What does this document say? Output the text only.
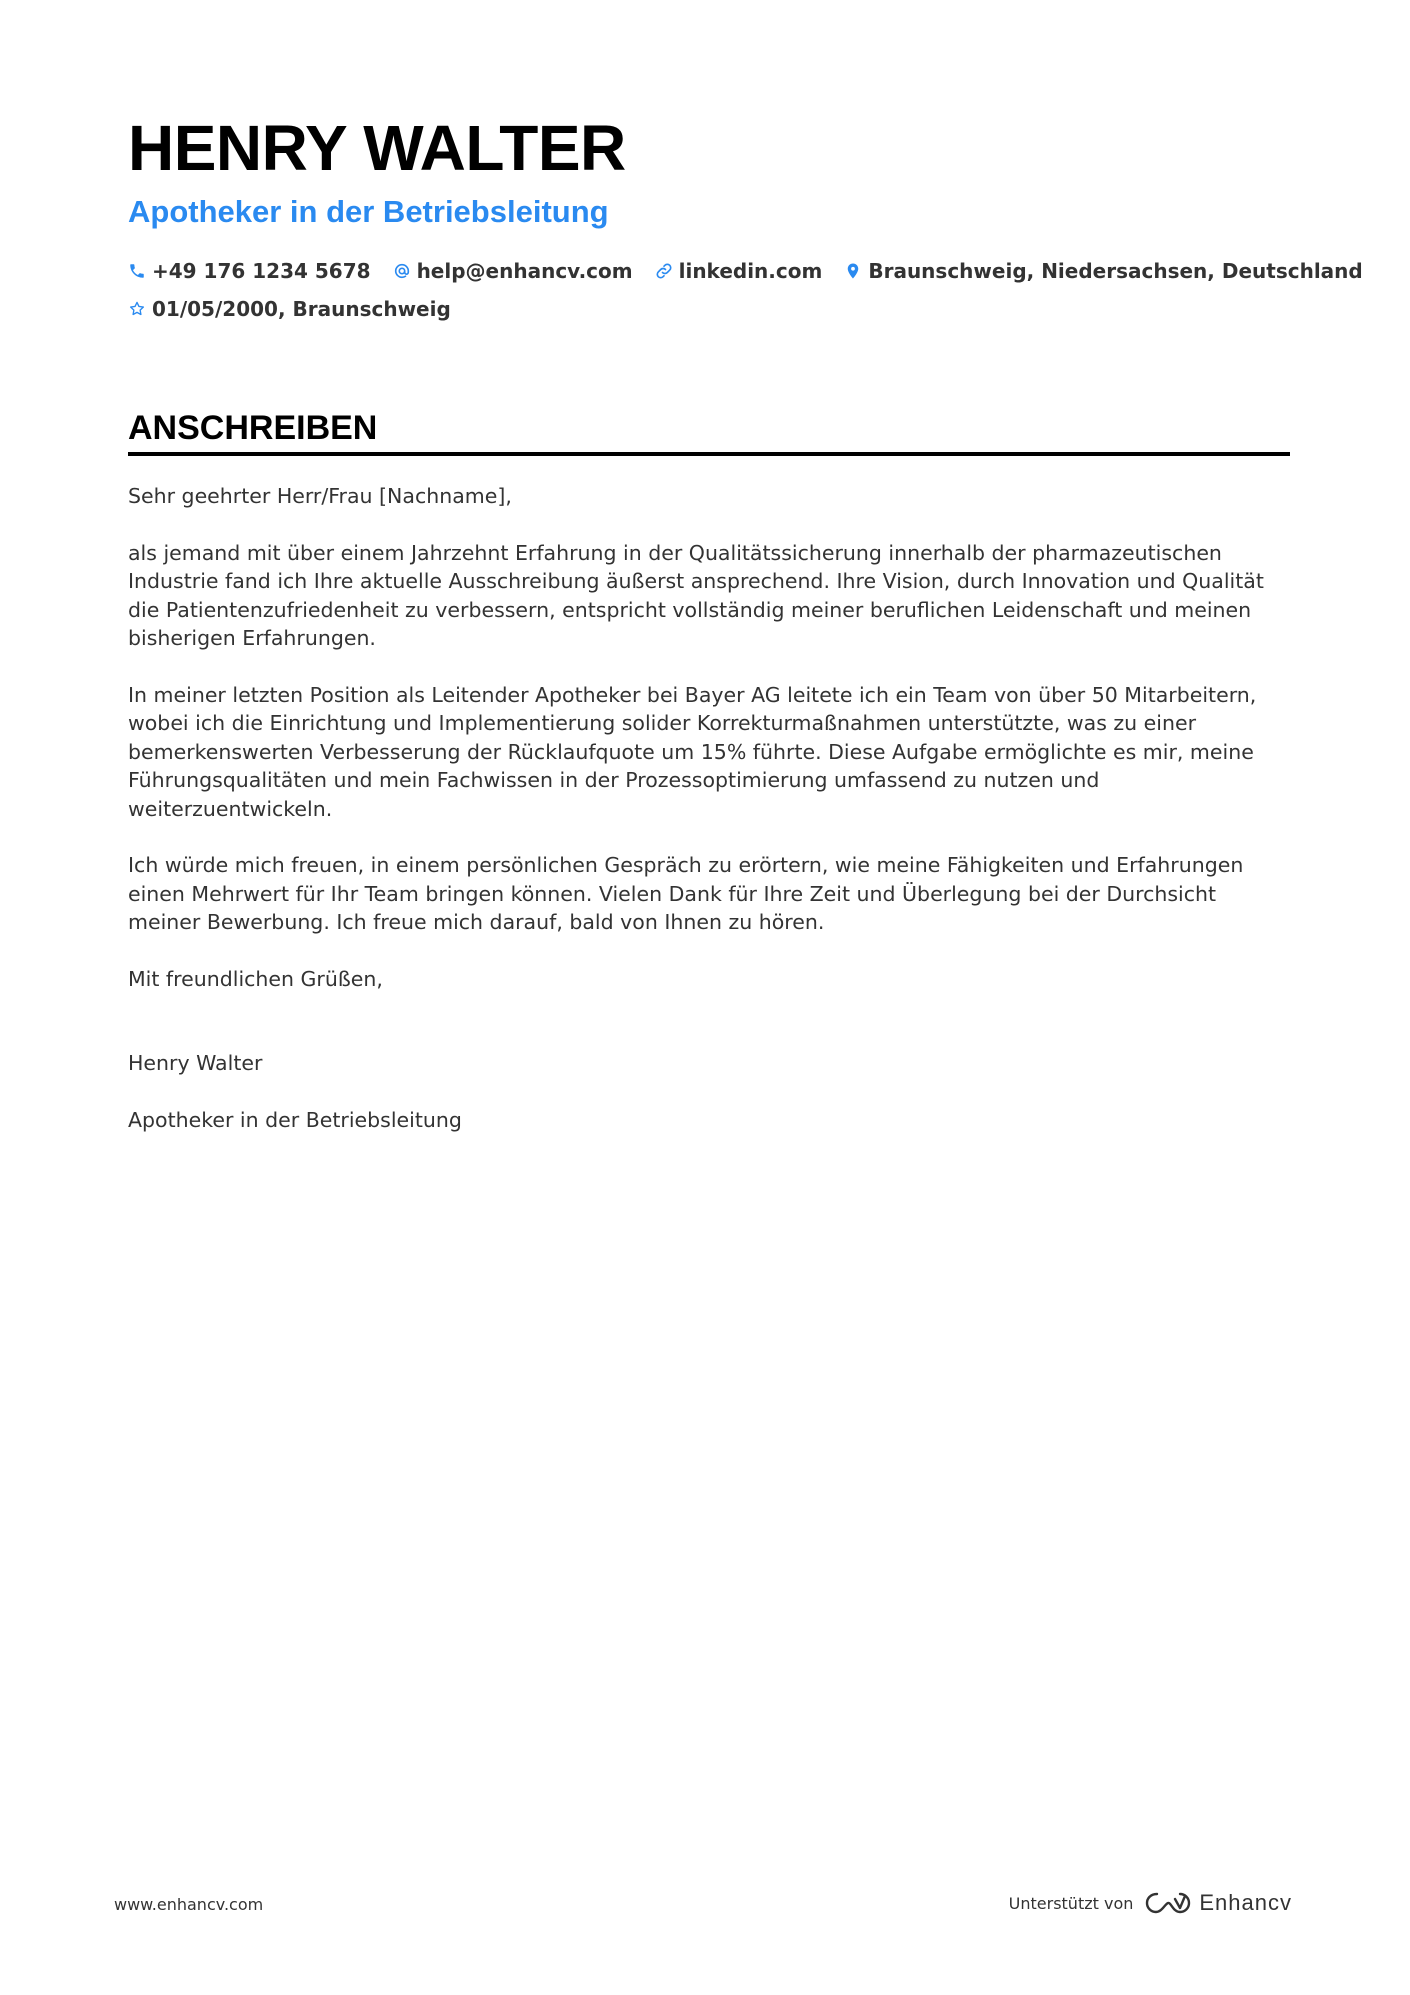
HENRY WALTER
Apotheker in der Betriebsleitung
+49 176 1234 5678 help@enhancv.com linkedin.com Braunschweig, Niedersachsen, Deutschland
01/05/2000, Braunschweig
ANSCHREIBEN

Sehr geehrter Herr/Frau [Nachname],

als jemand mit über einem Jahrzehnt Erfahrung in der Qualitätssicherung innerhalb der pharmazeutischen Industrie fand ich Ihre aktuelle Ausschreibung äußerst ansprechend. Ihre Vision, durch Innovation und Qualität die Patientenzufriedenheit zu verbessern, entspricht vollständig meiner beruflichen Leidenschaft und meinen bisherigen Erfahrungen.

In meiner letzten Position als Leitender Apotheker bei Bayer AG leitete ich ein Team von über 50 Mitarbeitern, wobei ich die Einrichtung und Implementierung solider Korrekturmaßnahmen unterstützte, was zu einer bemerkenswerten Verbesserung der Rücklaufquote um 15% führte. Diese Aufgabe ermöglichte es mir, meine Führungsqualitäten und mein Fachwissen in der Prozessoptimierung umfassend zu nutzen und weiterzuentwickeln.

Ich würde mich freuen, in einem persönlichen Gespräch zu erörtern, wie meine Fähigkeiten und Erfahrungen einen Mehrwert für Ihr Team bringen können. Vielen Dank für Ihre Zeit und Überlegung bei der Durchsicht meiner Bewerbung. Ich freue mich darauf, bald von Ihnen zu hören.

Mit freundlichen Grüßen,

Henry Walter

Apotheker in der Betriebsleitung

www.enhancv.com	Unterstützt von	Enhancv
